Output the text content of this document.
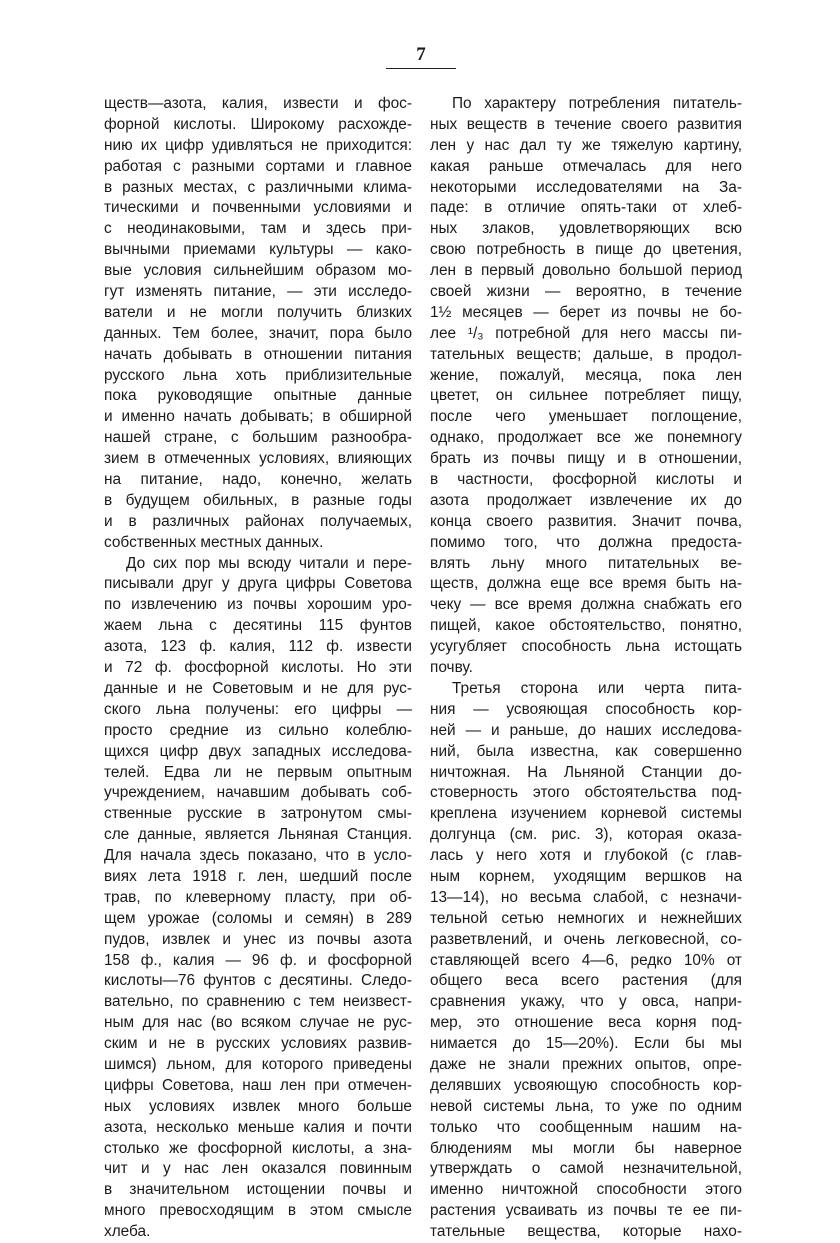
7
ществ—азота, калия, извести и фос-
форной кислоты. Широкому расхожде-
нию их цифр удивляться не приходится:
работая с разными сортами и главное
в разных местах, с различными клима-
тическими и почвенными условиями и
с неодинаковыми, там и здесь при-
вычными приемами культуры — како-
вые условия сильнейшим образом мо-
гут изменять питание, — эти исследо-
ватели и не могли получить близких
данных. Тем более, значит, пора было
начать добывать в отношении питания
русского льна хоть приблизительные
пока руководящие опытные данные
и именно начать добывать; в обширной
нашей стране, с большим разнообра-
зием в отмеченных условиях, влияющих
на питание, надо, конечно, желать
в будущем обильных, в разные годы
и в различных районах получаемых,
собственных местных данных.
До сих пор мы всюду читали и пере-
писывали друг у друга цифры Советова
по извлечению из почвы хорошим уро-
жаем льна с десятины 115 фунтов
азота, 123 ф. калия, 112 ф. извести
и 72 ф. фосфорной кислоты. Но эти
данные и не Советовым и не для рус-
ского льна получены: его цифры —
просто средние из сильно колеблю-
щихся цифр двух западных исследова-
телей. Едва ли не первым опытным
учреждением, начавшим добывать соб-
ственные русские в затронутом смы-
сле данные, является Льняная Станция.
Для начала здесь показано, что в усло-
виях лета 1918 г. лен, шедший после
трав, по клеверному пласту, при об-
щем урожае (соломы и семян) в 289
пудов, извлек и унес из почвы азота
158 ф., калия — 96 ф. и фосфорной
кислоты—76 фунтов с десятины. Следо-
вательно, по сравнению с тем неизвест-
ным для нас (во всяком случае не рус-
ским и не в русских условиях развив-
шимся) льном, для которого приведены
цифры Советова, наш лен при отмечен-
ных условиях извлек много больше
азота, несколько меньше калия и почти
столько же фосфорной кислоты, а зна-
чит и у нас лен оказался повинным
в значительном истощении почвы и
много превосходящим в этом смысле
хлеба.
По характеру потребления питатель-
ных веществ в течение своего развития
лен у нас дал ту же тяжелую картину,
какая раньше отмечалась для него
некоторыми исследователями на За-
паде: в отличие опять-таки от хлеб-
ных злаков, удовлетворяющих всю
свою потребность в пище до цветения,
лен в первый довольно большой период
своей жизни — вероятно, в течение
1½ месяцев — берет из почвы не бо-
лее ¹/₃ потребной для него массы пи-
тательных веществ; дальше, в продол-
жение, пожалуй, месяца, пока лен
цветет, он сильнее потребляет пищу,
после чего уменьшает поглощение,
однако, продолжает все же понемногу
брать из почвы пищу и в отношении,
в частности, фосфорной кислоты и
азота продолжает извлечение их до
конца своего развития. Значит почва,
помимо того, что должна предоста-
влять льну много питательных ве-
ществ, должна еще все время быть на-
чеку — все время должна снабжать его
пищей, какое обстоятельство, понятно,
усугубляет способность льна истощать
почву.
Третья сторона или черта пита-
ния — усвояющая способность кор-
ней — и раньше, до наших исследова-
ний, была известна, как совершенно
ничтожная. На Льняной Станции до-
стоверность этого обстоятельства под-
креплена изучением корневой системы
долгунца (см. рис. 3), которая оказа-
лась у него хотя и глубокой (с глав-
ным корнем, уходящим вершков на
13—14), но весьма слабой, с незначи-
тельной сетью немногих и нежнейших
разветвлений, и очень легковесной, со-
ставляющей всего 4—6, редко 10% от
общего веса всего растения (для
сравнения укажу, что у овса, напри-
мер, это отношение веса корня под-
нимается до 15—20%). Если бы мы
даже не знали прежних опытов, опре-
делявших усвояющую способность кор-
невой системы льна, то уже по одним
только что сообщенным нашим на-
блюдениям мы могли бы наверное
утверждать о самой незначительной,
именно ничтожной способности этого
растения усваивать из почвы те ее пи-
тательные вещества, которые нахо-
